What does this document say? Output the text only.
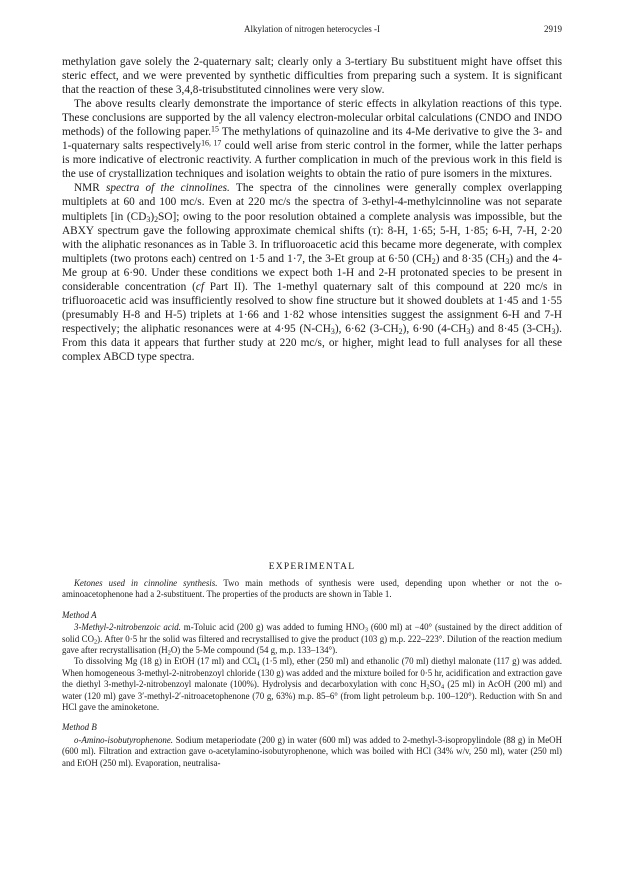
Alkylation of nitrogen heterocycles -I	2919

methylation gave solely the 2-quaternary salt; clearly only a 3-tertiary Bu substituent might have offset this steric effect, and we were prevented by synthetic difficulties from preparing such a system. It is significant that the reaction of these 3,4,8-trisubstituted cinnolines were very slow.

The above results clearly demonstrate the importance of steric effects in alkylation reactions of this type. These conclusions are supported by the all valency electron-molecular orbital calculations (CNDO and INDO methods) of the following paper.$^{15}$ The methylations of quinazoline and its 4-Me derivative to give the 3- and 1-quaternary salts respectively$^{16, 17}$ could well arise from steric control in the former, while the latter perhaps is more indicative of electronic reactivity. A further complication in much of the previous work in this field is the use of crystallization techniques and isolation weights to obtain the ratio of pure isomers in the mixtures.

NMR spectra of the cinnolines. The spectra of the cinnolines were generally complex overlapping multiplets at 60 and 100 mc/s. Even at 220 mc/s the spectra of 3-ethyl-4-methylcinnoline was not separate multiplets [in $(CD_3)_2SO$]; owing to the poor resolution obtained a complete analysis was impossible, but the ABXY spectrum gave the following approximate chemical shifts (τ): 8-H, 1·65; 5-H, 1·85; 6-H, 7-H, 2·20 with the aliphatic resonances as in Table 3. In trifluoroacetic acid this became more degenerate, with complex multiplets (two protons each) centred on 1·5 and 1·7, the 3-Et group at 6·50 $(CH_2)$ and 8·35 $(CH_3)$ and the 4-Me group at 6·90. Under these conditions we expect both 1-H and 2-H protonated species to be present in considerable concentration (cf Part II). The 1-methyl quaternary salt of this compound at 220 mc/s in trifluoroacetic acid was insufficiently resolved to show fine structure but it showed doublets at 1·45 and 1·55 (presumably H-8 and H-5) triplets at 1·66 and 1·82 whose intensities suggest the assignment 6-H and 7-H respectively; the aliphatic resonances were at 4·95 $(N-CH_3)$, 6·62 $(3-CH_2)$, 6·90 $(4-CH_3)$ and 8·45 $(3-CH_3)$. From this data it appears that further study at 220 mc/s, or higher, might lead to full analyses for all these complex ABCD type spectra.

EXPERIMENTAL

Ketones used in cinnoline synthesis. Two main methods of synthesis were used, depending upon whether or not the o-aminoacetophenone had a 2-substituent. The properties of the products are shown in Table 1.

Method A

3-Methyl-2-nitrobenzoic acid. m-Toluic acid (200 g) was added to fuming $HNO_3$ (600 ml) at −40° (sustained by the direct addition of solid $CO_2$). After 0·5 hr the solid was filtered and recrystallised to give the product (103 g) m.p. 222–223°. Dilution of the reaction medium gave after recrystallisation $(H_2O)$ the 5-Me compound (54 g, m.p. 133–134°).

To dissolving Mg (18 g) in EtOH (17 ml) and CCl$_4$ (1·5 ml), ether (250 ml) and ethanolic (70 ml) diethyl malonate (117 g) was added. When homogeneous 3-methyl-2-nitrobenzoyl chloride (130 g) was added and the mixture boiled for 0·5 hr, acidification and extraction gave the diethyl 3-methyl-2-nitrobenzoyl malonate (100%). Hydrolysis and decarboxylation with conc $H_2SO_4$ (25 ml) in AcOH (200 ml) and water (120 ml) gave 3′-methyl-2′-nitroacetophenone (70 g, 63%) m.p. 85–6° (from light petroleum b.p. 100–120°). Reduction with Sn and HCl gave the aminoketone.

Method B

o-Amino-isobutyrophenone. Sodium metaperiodate (200 g) in water (600 ml) was added to 2-methyl-3-isopropylindole (88 g) in MeOH (600 ml). Filtration and extraction gave o-acetylamino-isobutyrophenone, which was boiled with HCl (34% w/v, 250 ml), water (250 ml) and EtOH (250 ml). Evaporation, neutralisa-
